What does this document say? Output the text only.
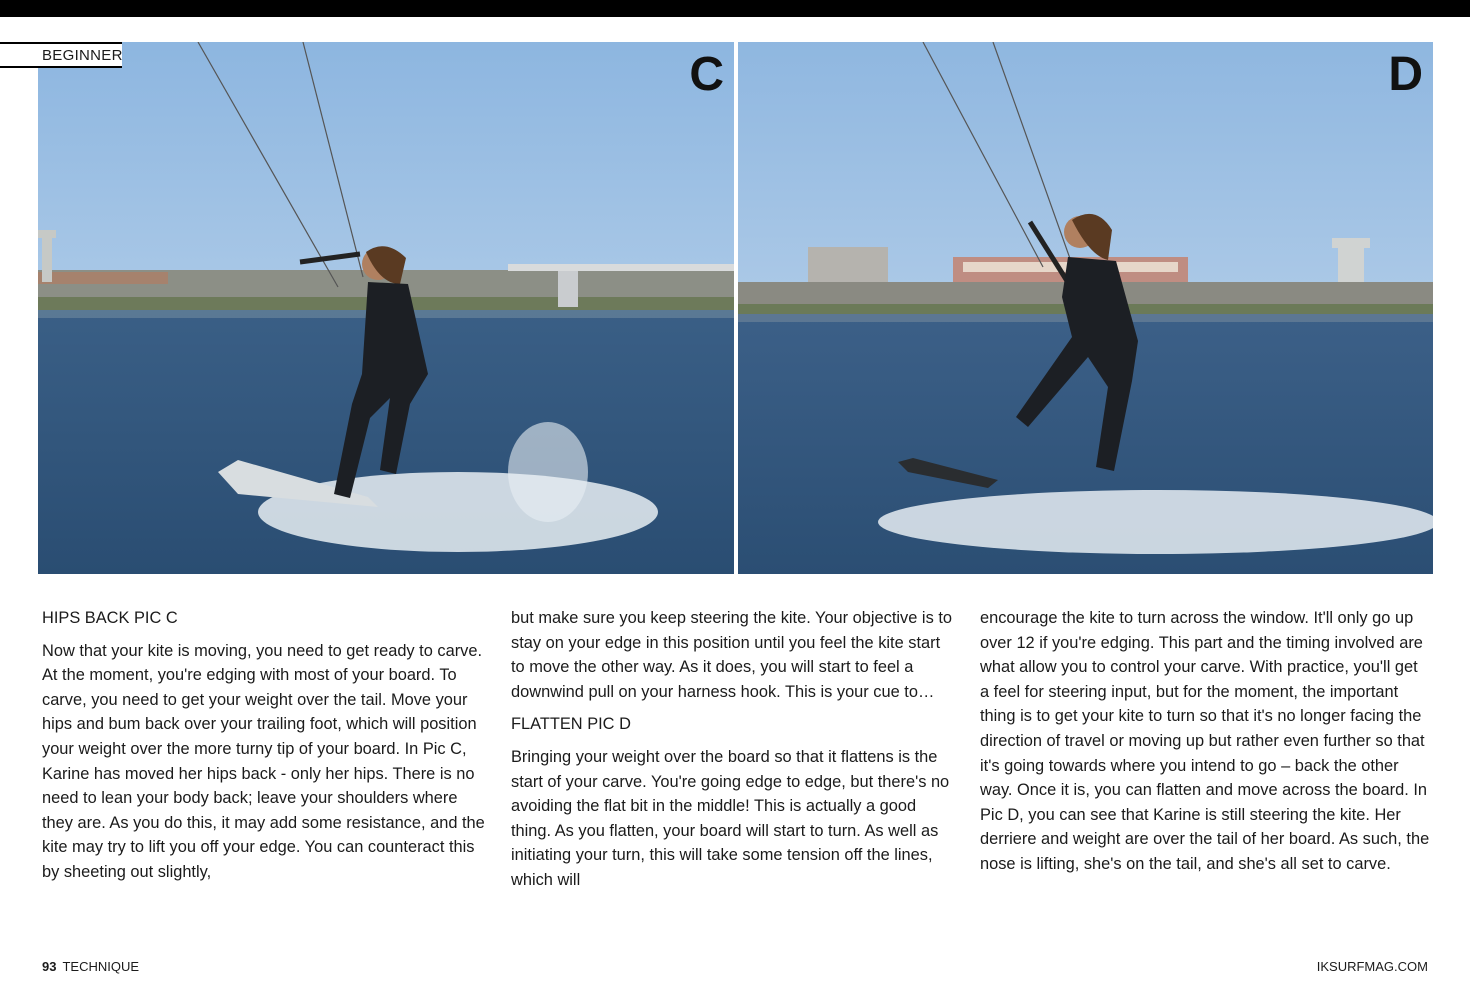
BEGINNER	C	D
HIPS BACK PIC C

Now that your kite is moving, you need to get ready to carve. At the moment, you're edging with most of your board. To carve, you need to get your weight over the tail. Move your hips and bum back over your trailing foot, which will position your weight over the more turny tip of your board. In Pic C, Karine has moved her hips back - only her hips. There is no need to lean your body back; leave your shoulders where they are. As you do this, it may add some resistance, and the kite may try to lift you off your edge. You can counteract this by sheeting out slightly,

but make sure you keep steering the kite. Your objective is to stay on your edge in this position until you feel the kite start to move the other way. As it does, you will start to feel a downwind pull on your harness hook. This is your cue to…

FLATTEN PIC D

Bringing your weight over the board so that it flattens is the start of your carve. You're going edge to edge, but there's no avoiding the flat bit in the middle! This is actually a good thing. As you flatten, your board will start to turn. As well as initiating your turn, this will take some tension off the lines, which will

encourage the kite to turn across the window. It'll only go up over 12 if you're edging. This part and the timing involved are what allow you to control your carve. With practice, you'll get a feel for steering input, but for the moment, the important thing is to get your kite to turn so that it's no longer facing the direction of travel or moving up but rather even further so that it's going towards where you intend to go – back the other way. Once it is, you can flatten and move across the board. In Pic D, you can see that Karine is still steering the kite. Her derriere and weight are over the tail of her board. As such, the nose is lifting, she's on the tail, and she's all set to carve.

93 TECHNIQUE	IKSURFMAG.COM
